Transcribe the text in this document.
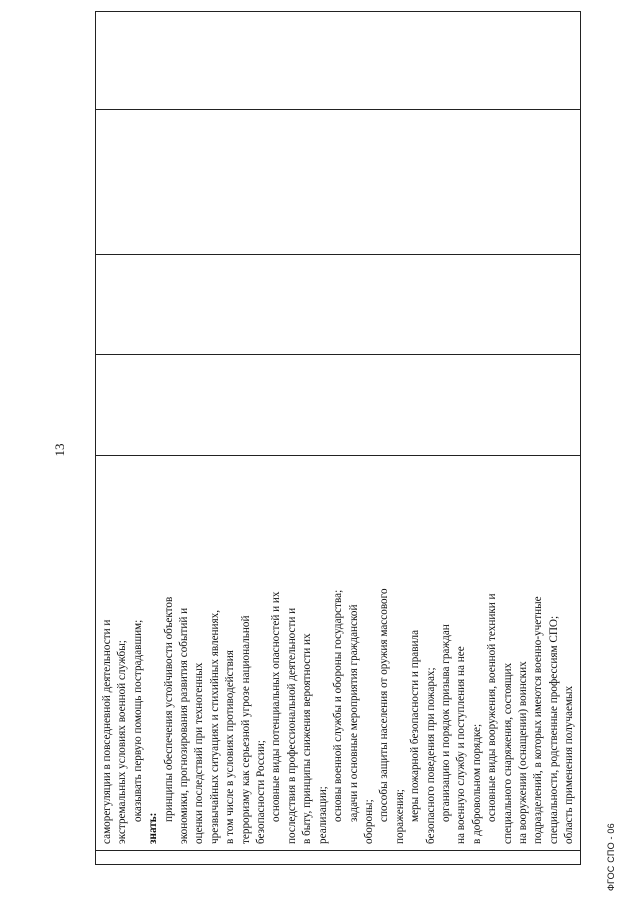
13

саморегуляции в повседневной деятельности и экстремальных условиях военной службы; оказывать первую помощь пострадавшим;
знать:
принципы обеспечения устойчивости объектов экономики, прогнозирования развития событий и оценки последствий при техногенных чрезвычайных ситуациях и стихийных явлениях, в том числе в условиях противодействия терроризму как серьезной угрозе национальной безопасности России; основные виды потенциальных опасностей и их последствия в профессиональной деятельности и в быту, принципы снижения вероятности их реализации; основы военной службы и обороны государства; задачи и основные мероприятия гражданской обороны; способы защиты населения от оружия массового поражения; меры пожарной безопасности и правила безопасного поведения при пожарах; организацию и порядок призыва граждан на военную службу и поступления на нее в добровольном порядке; основные виды вооружения, военной техники и специального снаряжения, состоящих на вооружении (оснащении) воинских подразделений, в которых имеются военно-учетные специальности, родственные профессиям СПО; область применения получаемых

ФГОС СПО - 06
